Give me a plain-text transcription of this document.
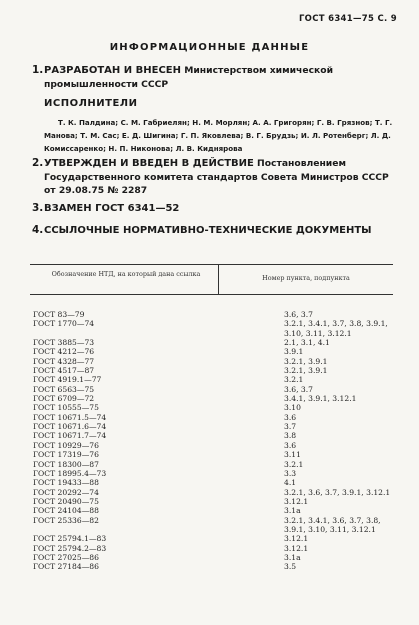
ГОСТ 6341—75 С. 9
ИНФОРМАЦИОННЫЕ ДАННЫЕ
1. РАЗРАБОТАН И ВНЕСЕН Министерством химической промышленности СССР
ИСПОЛНИТЕЛИ
Т. К. Палдина; С. М. Габриелян; Н. М. Морлян; А. А. Григорян; Г. В. Грязнов; Т. Г. Манова; Т. М. Сас; Е. Д. Шигина; Г. П. Яковлева; В. Г. Брудзь; И. Л. Ротенберг; Л. Д. Комиссаренко; Н. П. Никонова; Л. В. Киднярова
2. УТВЕРЖДЕН И ВВЕДЕН В ДЕЙСТВИЕ Постановлением Государственного комитета стандартов Совета Министров СССР от 29.08.75 № 2287
3. ВЗАМЕН ГОСТ 6341—52
4. ССЫЛОЧНЫЕ НОРМАТИВНО-ТЕХНИЧЕСКИЕ ДОКУМЕНТЫ
Обозначение НТД, на который дана ссылка	Номер пункта, подпункта
ГОСТ 83—79	3.6, 3.7
ГОСТ 1770—74	3.2.1, 3.4.1, 3.7, 3.8, 3.9.1,
3.10, 3.11, 3.12.1
ГОСТ 3885—73	2.1, 3.1, 4.1
ГОСТ 4212—76	3.9.1
ГОСТ 4328—77	3.2.1, 3.9.1
ГОСТ 4517—87	3.2.1, 3.9.1
ГОСТ 4919.1—77	3.2.1
ГОСТ 6563—75	3.6, 3.7
ГОСТ 6709—72	3.4.1, 3.9.1, 3.12.1
ГОСТ 10555—75	3.10
ГОСТ 10671.5—74	3.6
ГОСТ 10671.6—74	3.7
ГОСТ 10671.7—74	3.8
ГОСТ 10929—76	3.6
ГОСТ 17319—76	3.11
ГОСТ 18300—87	3.2.1
ГОСТ 18995.4—73	3.3
ГОСТ 19433—88	4.1
ГОСТ 20292—74	3.2.1, 3.6, 3.7, 3.9.1, 3.12.1
ГОСТ 20490—75	3.12.1
ГОСТ 24104—88	3.1а
ГОСТ 25336—82	3.2.1, 3.4.1, 3.6, 3.7, 3.8,
3.9.1, 3.10, 3.11, 3.12.1
ГОСТ 25794.1—83	3.12.1
ГОСТ 25794.2—83	3.12.1
ГОСТ 27025—86	3.1а
ГОСТ 27184—86	3.5
